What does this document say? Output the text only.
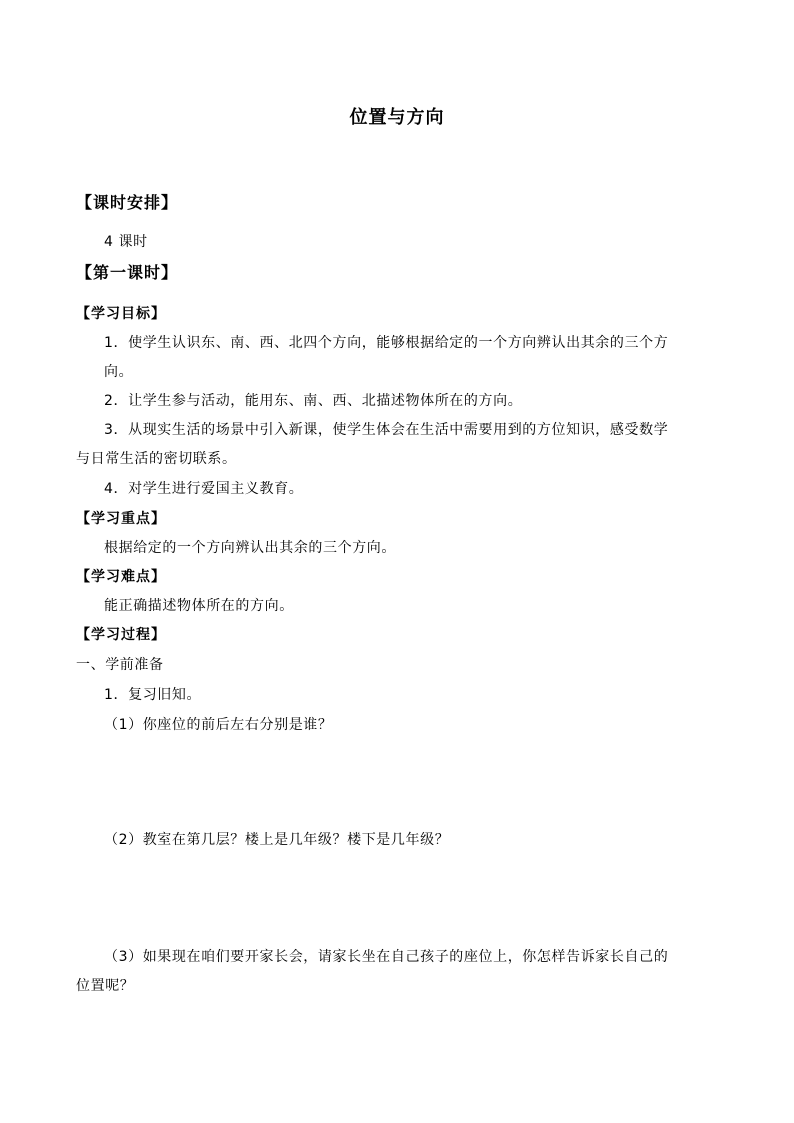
位置与方向
【课时安排】
4 课时
【第一课时】
【学习目标】
1．使学生认识东、南、西、北四个方向，能够根据给定的一个方向辨认出其余的三个方
向。
2．让学生参与活动，能用东、南、西、北描述物体所在的方向。
3．从现实生活的场景中引入新课，使学生体会在生活中需要用到的方位知识，感受数学
与日常生活的密切联系。
4．对学生进行爱国主义教育。
【学习重点】
根据给定的一个方向辨认出其余的三个方向。
【学习难点】
能正确描述物体所在的方向。
【学习过程】
一、学前准备
1．复习旧知。
（1）你座位的前后左右分别是谁？
（2）教室在第几层？楼上是几年级？楼下是几年级？
（3）如果现在咱们要开家长会，请家长坐在自己孩子的座位上，你怎样告诉家长自己的
位置呢？
